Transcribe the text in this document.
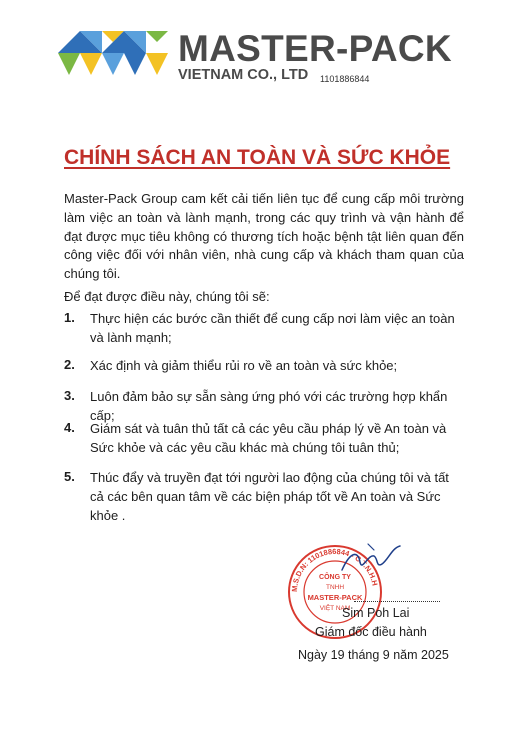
MASTER-PACK
VIETNAM CO., LTD 1101886844
CHÍNH SÁCH AN TOÀN VÀ SỨC KHỎE

Master-Pack Group cam kết cải tiến liên tục để cung cấp môi trường làm việc an toàn và lành mạnh, trong các quy trình và vận hành để đạt được mục tiêu không có thương tích hoặc bệnh tật liên quan đến công việc đối với nhân viên, nhà cung cấp và khách tham quan của chúng tôi.

Để đạt được điều này, chúng tôi sẽ:

1. Thực hiện các bước cần thiết để cung cấp nơi làm việc an toàn và lành mạnh;
2. Xác định và giảm thiểu rủi ro về an toàn và sức khỏe;
3. Luôn đảm bảo sự sẵn sàng ứng phó với các trường hợp khẩn cấp;
4. Giám sát và tuân thủ tất cả các yêu cầu pháp lý về An toàn và Sức khỏe và các yêu cầu khác mà chúng tôi tuân thủ;
5. Thúc đẩy và truyền đạt tới người lao động của chúng tôi và tất cả các bên quan tâm về các biện pháp tốt về An toàn và Sức khỏe .
M.S.D.N: 1101886844 - C.T.N.H.H
CÔNG TY
TNHH
MASTER-PACK
VIỆT NAM
Sim Poh Lai
Giám đốc điều hành
Ngày 19 tháng 9 năm 2025
